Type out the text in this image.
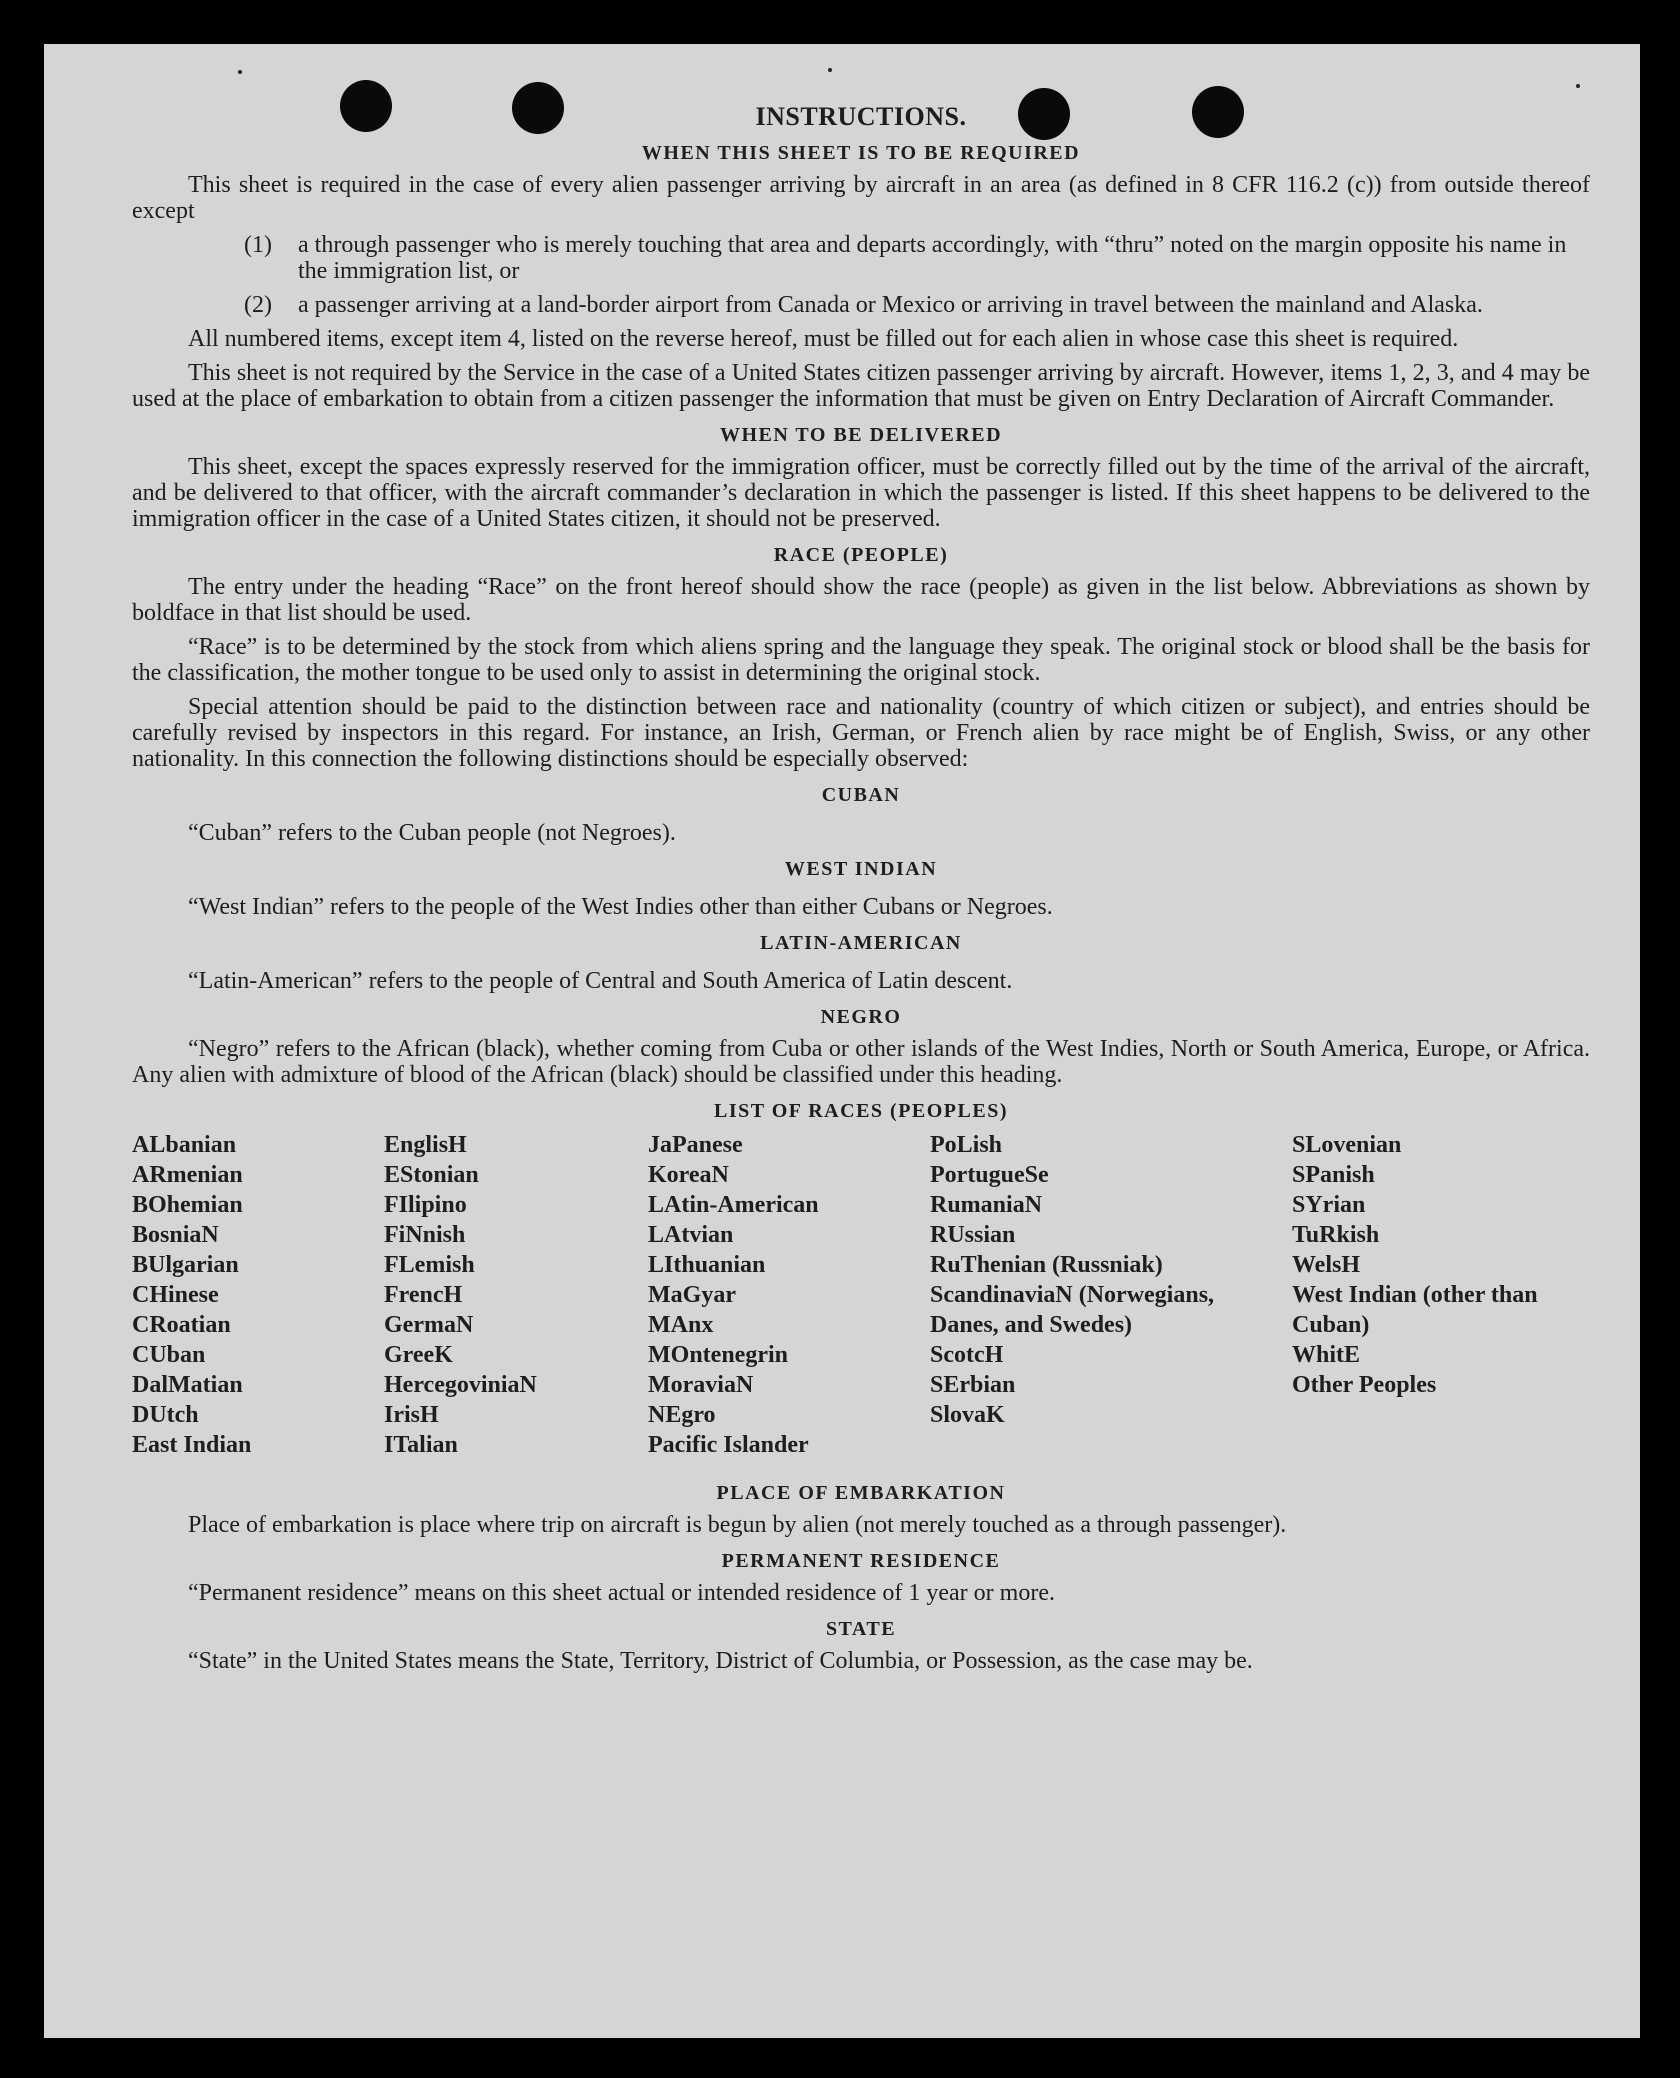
INSTRUCTIONS.
WHEN THIS SHEET IS TO BE REQUIRED

This sheet is required in the case of every alien passenger arriving by aircraft in an area (as defined in 8 CFR 116.2 (c)) from outside thereof except

(1)	a through passenger who is merely touching that area and departs accordingly, with “thru” noted on the margin opposite his name in the immigration list, or
(2)	a passenger arriving at a land-border airport from Canada or Mexico or arriving in travel between the mainland and Alaska.

All numbered items, except item 4, listed on the reverse hereof, must be filled out for each alien in whose case this sheet is required.

This sheet is not required by the Service in the case of a United States citizen passenger arriving by aircraft. However, items 1, 2, 3, and 4 may be used at the place of embarkation to obtain from a citizen passenger the information that must be given on Entry Declaration of Aircraft Commander.

WHEN TO BE DELIVERED

This sheet, except the spaces expressly reserved for the immigration officer, must be correctly filled out by the time of the arrival of the aircraft, and be delivered to that officer, with the aircraft commander’s declaration in which the passenger is listed. If this sheet happens to be delivered to the immigration officer in the case of a United States citizen, it should not be preserved.

RACE (PEOPLE)

The entry under the heading “Race” on the front hereof should show the race (people) as given in the list below. Abbreviations as shown by boldface in that list should be used.

“Race” is to be determined by the stock from which aliens spring and the language they speak. The original stock or blood shall be the basis for the classification, the mother tongue to be used only to assist in determining the original stock.

Special attention should be paid to the distinction between race and nationality (country of which citizen or subject), and entries should be carefully revised by inspectors in this regard. For instance, an Irish, German, or French alien by race might be of English, Swiss, or any other nationality. In this connection the following distinctions should be especially observed:

CUBAN

“Cuban” refers to the Cuban people (not Negroes).

WEST INDIAN

“West Indian” refers to the people of the West Indies other than either Cubans or Negroes.

LATIN-AMERICAN

“Latin-American” refers to the people of Central and South America of Latin descent.

NEGRO

“Negro” refers to the African (black), whether coming from Cuba or other islands of the West Indies, North or South America, Europe, or Africa. Any alien with admixture of blood of the African (black) should be classified under this heading.

LIST OF RACES (PEOPLES)
ALbanian
ARmenian
BOhemian
BosniaN
BUlgarian
CHinese
CRoatian
CUban
DalMatian
DUtch
East Indian
EnglisH
EStonian
FIlipino
FiNnish
FLemish
FrencH
GermaN
GreeK
HercegoviniaN
IrisH
ITalian
JaPanese
KoreaN
LAtin-American
LAtvian
LIthuanian
MaGyar
MAnx
MOntenegrin
MoraviaN
NEgro
Pacific Islander
PoLish
PortugueSe
RumaniaN
RUssian
RuThenian (Russniak)
ScandinaviaN (Norwegians, Danes, and Swedes)
ScotcH
SErbian
SlovaK
SLovenian
SPanish
SYrian
TuRkish
WelsH
West Indian (other than Cuban)
WhitE
Other Peoples
PLACE OF EMBARKATION

Place of embarkation is place where trip on aircraft is begun by alien (not merely touched as a through passenger).

PERMANENT RESIDENCE

“Permanent residence” means on this sheet actual or intended residence of 1 year or more.

STATE

“State” in the United States means the State, Territory, District of Columbia, or Possession, as the case may be.
